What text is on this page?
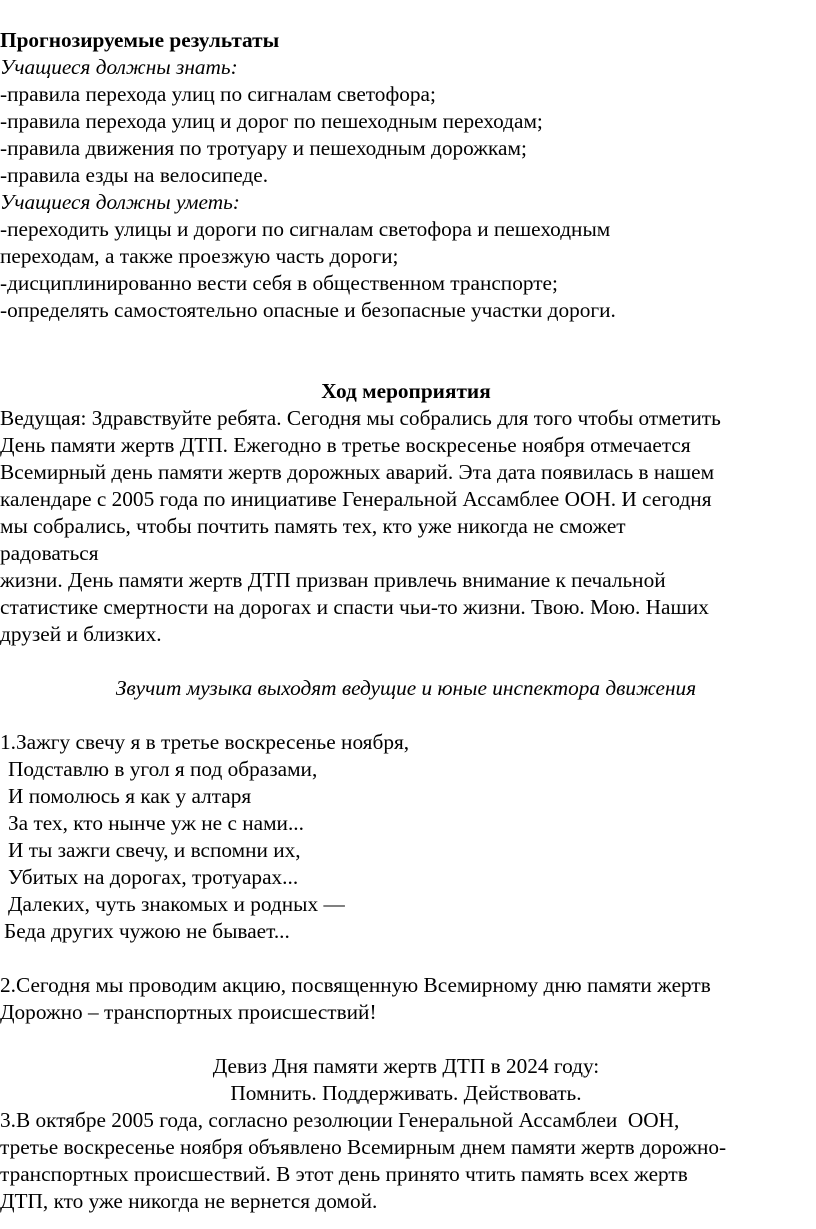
Прогнозируемые результаты
Учащиеся должны знать:
-правила перехода улиц по сигналам светофора;
-правила перехода улиц и дорог по пешеходным переходам;
-правила движения по тротуару и пешеходным дорожкам;
-правила езды на велосипеде.
Учащиеся должны уметь:
-переходить улицы и дороги по сигналам светофора и пешеходным
переходам, а также проезжую часть дороги;
-дисциплинированно вести себя в общественном транспорте;
-определять самостоятельно опасные и безопасные участки дороги.
Ход мероприятия
Ведущая: Здравствуйте ребята. Сегодня мы собрались для того чтобы отметить
День памяти жертв ДТП. Ежегодно в третье воскресенье ноября отмечается
Всемирный день памяти жертв дорожных аварий. Эта дата появилась в нашем
календаре с 2005 года по инициативе Генеральной Ассамблее ООН. И сегодня
мы собрались, чтобы почтить память тех, кто уже никогда не сможет
радоваться
жизни. День памяти жертв ДТП призван привлечь внимание к печальной
статистике смертности на дорогах и спасти чьи-то жизни. Твою. Мою. Наших
друзей и близких.
Звучит музыка выходят ведущие и юные инспектора движения
1.Зажгу свечу я в третье воскресенье ноября,
Подставлю в угол я под образами,
И помолюсь я как у алтаря
За тех, кто нынче уж не с нами...
И ты зажги свечу, и вспомни их,
Убитых на дорогах, тротуарах...
Далеких, чуть знакомых и родных —
Беда других чужою не бывает...
2.Сегодня мы проводим акцию, посвященную Всемирному дню памяти жертв
Дорожно – транспортных происшествий!
Девиз Дня памяти жертв ДТП в 2024 году:
Помнить. Поддерживать. Действовать.
3.В октябре 2005 года, согласно резолюции Генеральной Ассамблеи  ООН,
третье воскресенье ноября объявлено Всемирным днем памяти жертв дорожно-
транспортных происшествий. В этот день принято чтить память всех жертв
ДТП, кто уже никогда не вернется домой.
